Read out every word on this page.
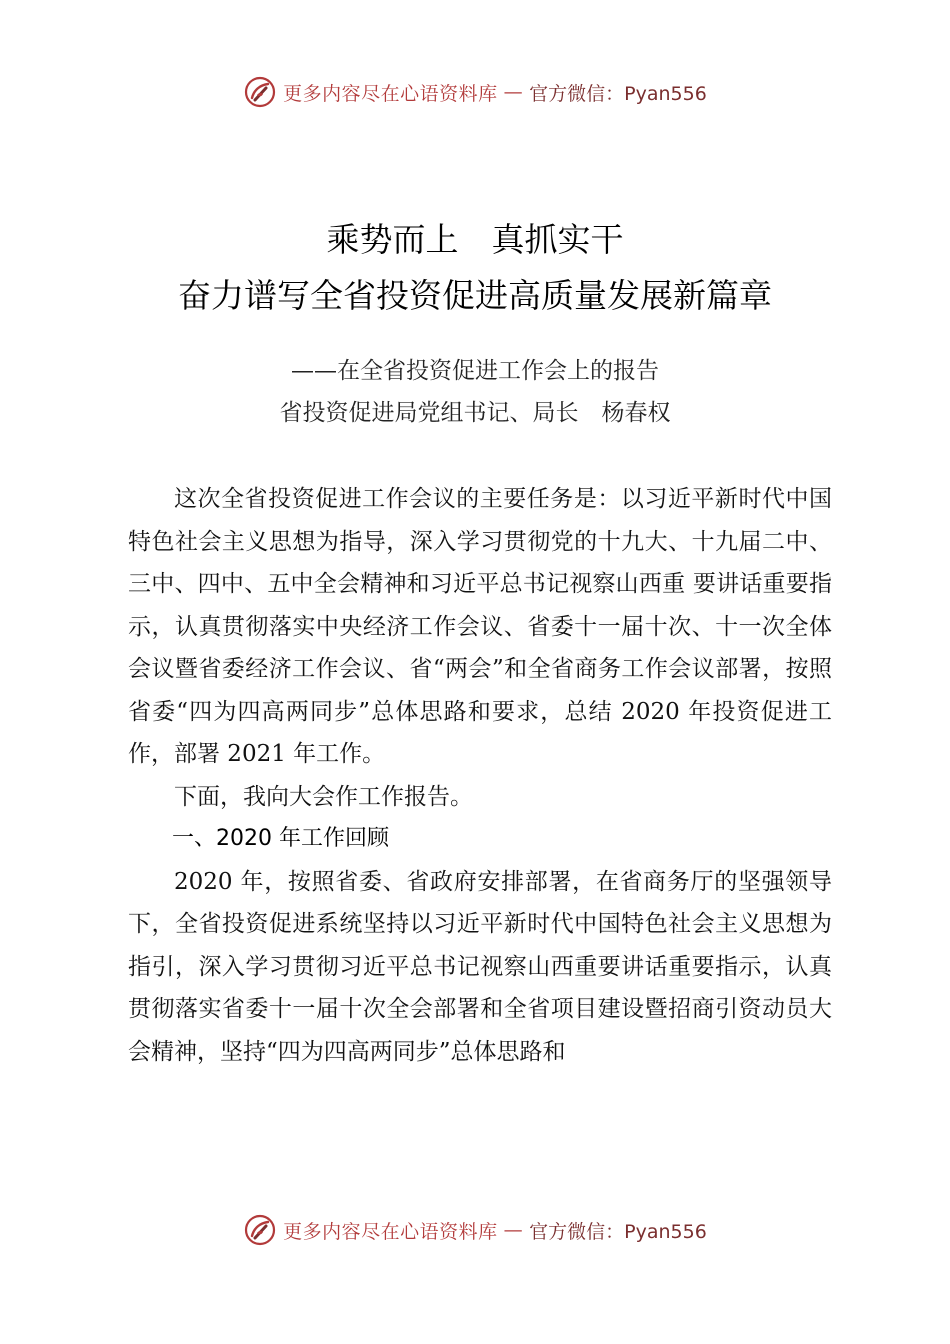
更多内容尽在心语资料库 — 官方微信：Pyan556
乘势而上　真抓实干
奋力谱写全省投资促进高质量发展新篇章
——在全省投资促进工作会上的报告
省投资促进局党组书记、局长　杨春权

这次全省投资促进工作会议的主要任务是：以习近平新时代中国特色社会主义思想为指导，深入学习贯彻党的十九大、十九届二中、三中、四中、五中全会精神和习近平总书记视察山西重 要讲话重要指示，认真贯彻落实中央经济工作会议、省委十一届十次、十一次全体会议暨省委经济工作会议、省“两会”和全省商务工作会议部署，按照省委“四为四高两同步”总体思路和要求，总结 2020 年投资促进工作，部署 2021 年工作。

下面，我向大会作工作报告。

一、2020 年工作回顾

2020 年，按照省委、省政府安排部署，在省商务厅的坚强领导下，全省投资促进系统坚持以习近平新时代中国特色社会主义思想为指引，深入学习贯彻习近平总书记视察山西重要讲话重要指示，认真贯彻落实省委十一届十次全会部署和全省项目建设暨招商引资动员大会精神，坚持“四为四高两同步”总体思路和

更多内容尽在心语资料库 — 官方微信：Pyan556
